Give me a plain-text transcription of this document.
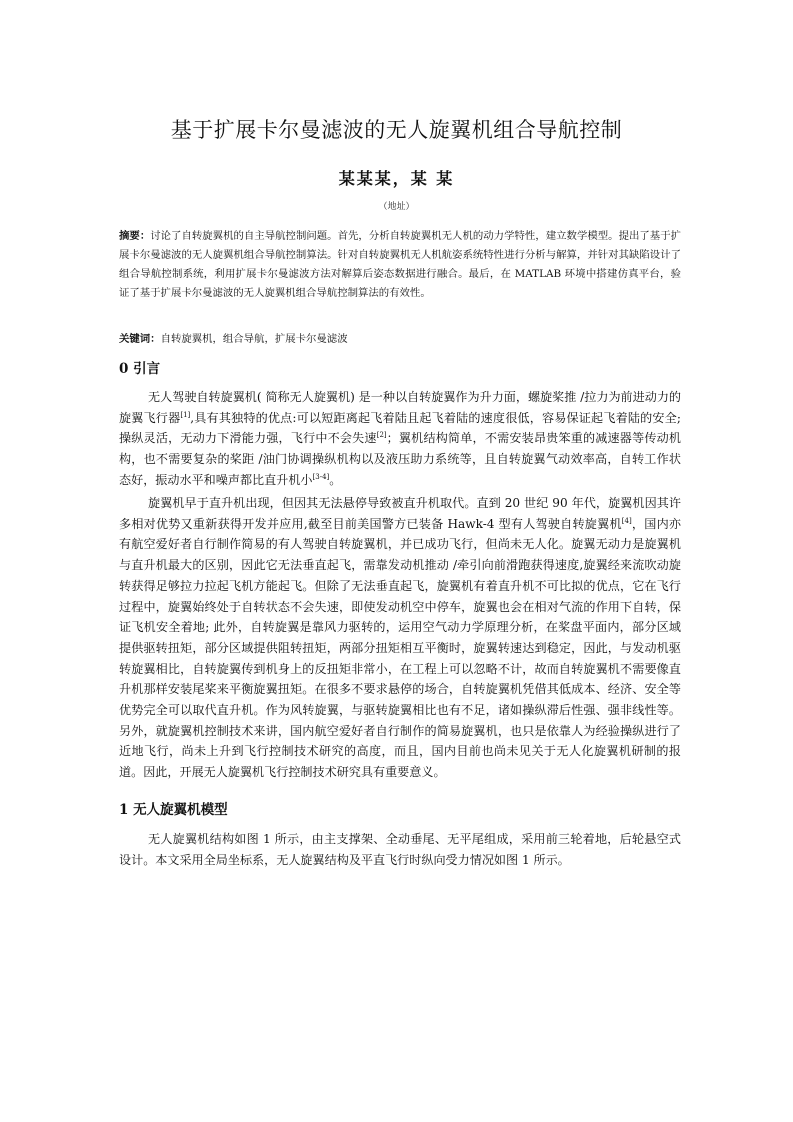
基于扩展卡尔曼滤波的无人旋翼机组合导航控制
某某某，某 某
（地址）

摘要：讨论了自转旋翼机的自主导航控制问题。首先，分析自转旋翼机无人机的动力学特性，建立数学模型。提出了基于扩展卡尔曼滤波的无人旋翼机组合导航控制算法。针对自转旋翼机无人机航姿系统特性进行分析与解算，并针对其缺陷设计了组合导航控制系统，利用扩展卡尔曼滤波方法对解算后姿态数据进行融合。最后，在 MATLAB 环境中搭建仿真平台，验证了基于扩展卡尔曼滤波的无人旋翼机组合导航控制算法的有效性。

关键词：自转旋翼机，组合导航，扩展卡尔曼滤波

0 引言

无人驾驶自转旋翼机( 简称无人旋翼机) 是一种以自转旋翼作为升力面，螺旋桨推 /拉力为前进动力的旋翼飞行器[1],具有其独特的优点:可以短距离起飞着陆且起飞着陆的速度很低，容易保证起飞着陆的安全;操纵灵活，无动力下滑能力强，飞行中不会失速[2]；翼机结构简单，不需安装昂贵笨重的减速器等传动机构，也不需要复杂的桨距 /油门协调操纵机构以及液压助力系统等，且自转旋翼气动效率高，自转工作状态好，振动水平和噪声都比直升机小[3-4]。

旋翼机早于直升机出现，但因其无法悬停导致被直升机取代。直到 20 世纪 90 年代，旋翼机因其许多相对优势又重新获得开发并应用,截至目前美国警方已装备 Hawk-4 型有人驾驶自转旋翼机[4]，国内亦有航空爱好者自行制作简易的有人驾驶自转旋翼机，并已成功飞行，但尚未无人化。旋翼无动力是旋翼机与直升机最大的区别，因此它无法垂直起飞，需靠发动机推动 /牵引向前滑跑获得速度,旋翼经来流吹动旋转获得足够拉力拉起飞机方能起飞。但除了无法垂直起飞，旋翼机有着直升机不可比拟的优点，它在飞行过程中，旋翼始终处于自转状态不会失速，即使发动机空中停车，旋翼也会在相对气流的作用下自转，保证飞机安全着地; 此外，自转旋翼是靠风力驱转的，运用空气动力学原理分析，在桨盘平面内，部分区域提供驱转扭矩，部分区域提供阻转扭矩，两部分扭矩相互平衡时，旋翼转速达到稳定，因此，与发动机驱转旋翼相比，自转旋翼传到机身上的反扭矩非常小，在工程上可以忽略不计，故而自转旋翼机不需要像直升机那样安装尾桨来平衡旋翼扭矩。在很多不要求悬停的场合，自转旋翼机凭借其低成本、经济、安全等优势完全可以取代直升机。作为风转旋翼，与驱转旋翼相比也有不足，诸如操纵滞后性强、强非线性等。另外，就旋翼机控制技术来讲，国内航空爱好者自行制作的简易旋翼机，也只是依靠人为经验操纵进行了近地飞行，尚未上升到飞行控制技术研究的高度，而且，国内目前也尚未见关于无人化旋翼机研制的报道。因此，开展无人旋翼机飞行控制技术研究具有重要意义。

1 无人旋翼机模型

无人旋翼机结构如图 1 所示，由主支撑架、全动垂尾、无平尾组成，采用前三轮着地，后轮悬空式设计。本文采用全局坐标系，无人旋翼结构及平直飞行时纵向受力情况如图 1 所示。
